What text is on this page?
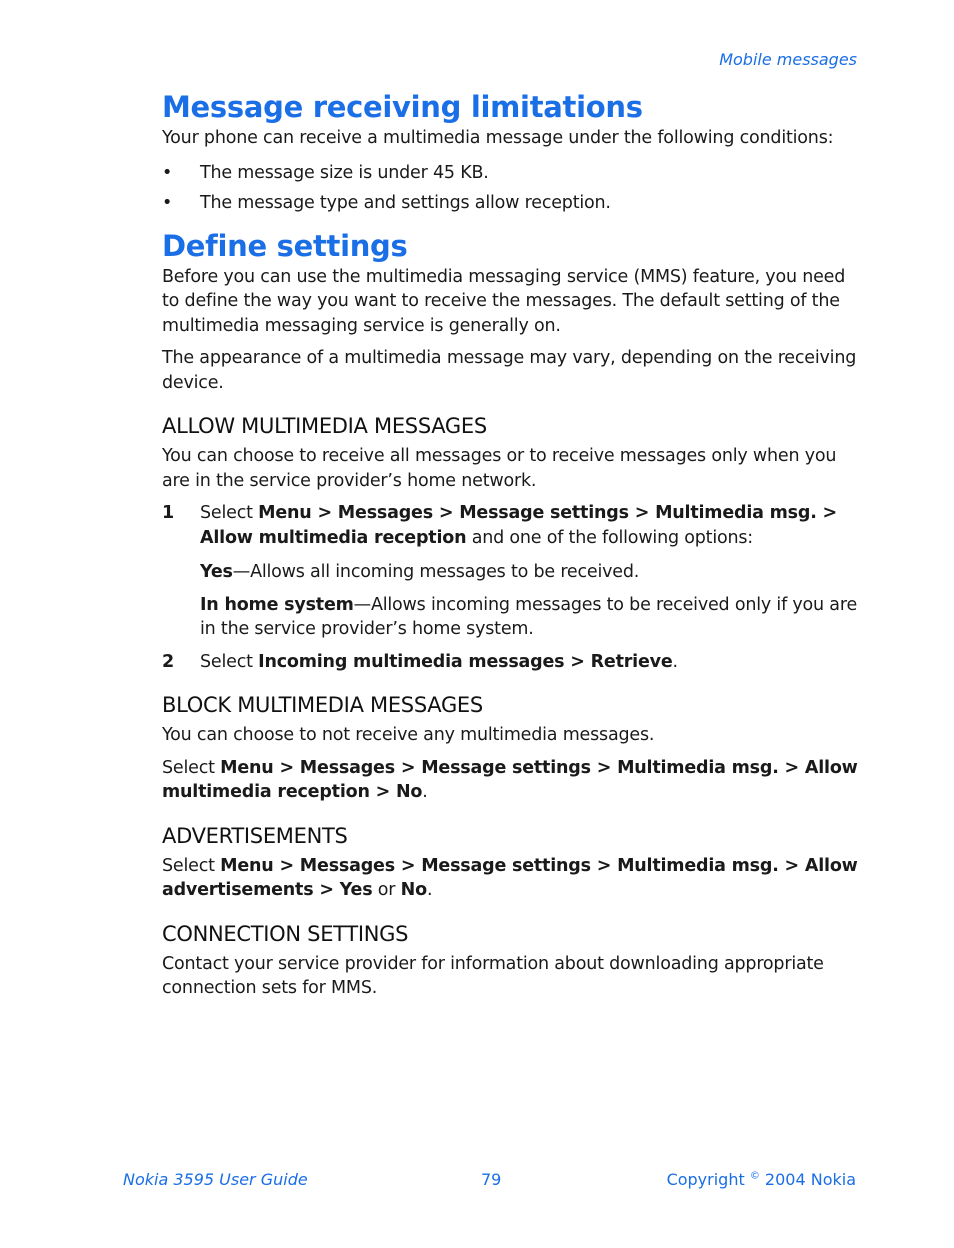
Mobile messages
Message receiving limitations

Your phone can receive a multimedia message under the following conditions:

• The message size is under 45 KB.
• The message type and settings allow reception.
Define settings

Before you can use the multimedia messaging service (MMS) feature, you need to define the way you want to receive the messages. The default setting of the multimedia messaging service is generally on.

The appearance of a multimedia message may vary, depending on the receiving device.

ALLOW MULTIMEDIA MESSAGES

You can choose to receive all messages or to receive messages only when you are in the service provider’s home network.

1 Select Menu > Messages > Message settings > Multimedia msg. > Allow multimedia reception and one of the following options:
Yes—Allows all incoming messages to be received.
In home system—Allows incoming messages to be received only if you are in the service provider’s home system.
2 Select Incoming multimedia messages > Retrieve.
BLOCK MULTIMEDIA MESSAGES

You can choose to not receive any multimedia messages.

Select Menu > Messages > Message settings > Multimedia msg. > Allow multimedia reception > No.

ADVERTISEMENTS

Select Menu > Messages > Message settings > Multimedia msg. > Allow advertisements > Yes or No.

CONNECTION SETTINGS

Contact your service provider for information about downloading appropriate connection sets for MMS.

Nokia 3595 User Guide	79	Copyright © 2004 Nokia
